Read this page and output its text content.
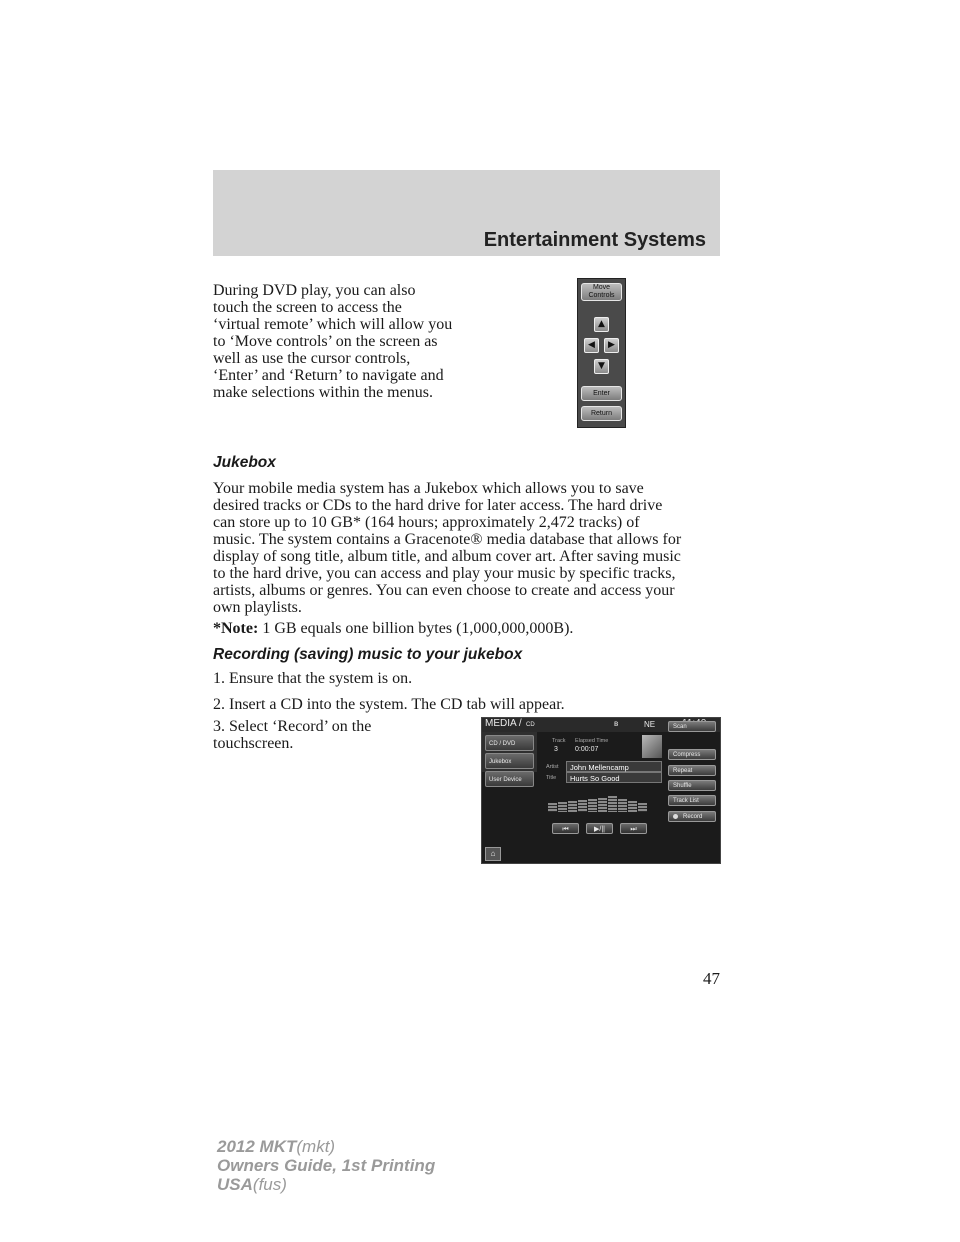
Entertainment Systems
During DVD play, you can also
touch the screen to access the
‘virtual remote’ which will allow you
to ‘Move controls’ on the screen as
well as use the cursor controls,
‘Enter’ and ‘Return’ to navigate and
make selections within the menus.
Move
Controls
▲
◀	▶
▼
Enter
Return
Jukebox
Your mobile media system has a Jukebox which allows you to save
desired tracks or CDs to the hard drive for later access. The hard drive
can store up to 10 GB* (164 hours; approximately 2,472 tracks) of
music. The system contains a Gracenote® media database that allows for
display of song title, album title, and album cover art. After saving music
to the hard drive, you can access and play your music by specific tracks,
artists, albums or genres. You can even choose to create and access your
own playlists.
*Note: 1 GB equals one billion bytes (1,000,000,000B).
Recording (saving) music to your jukebox
1. Ensure that the system is on.
2. Insert a CD into the system. The CD tab will appear.
3. Select ‘Record’ on the
touchscreen.
MEDIA / CD	ʙ	NE
CD / DVD
Jukebox
User Device
Track Elapsed Time
3 0:00:07
Artist	John Mellencamp
Title	Hurts So Good
⏮	▶/||	⏭
Scan
Compress
Repeat
Shuffle
Track List
Record
⌂
47
2012 MKT(mkt)
Owners Guide, 1st Printing
USA(fus)
